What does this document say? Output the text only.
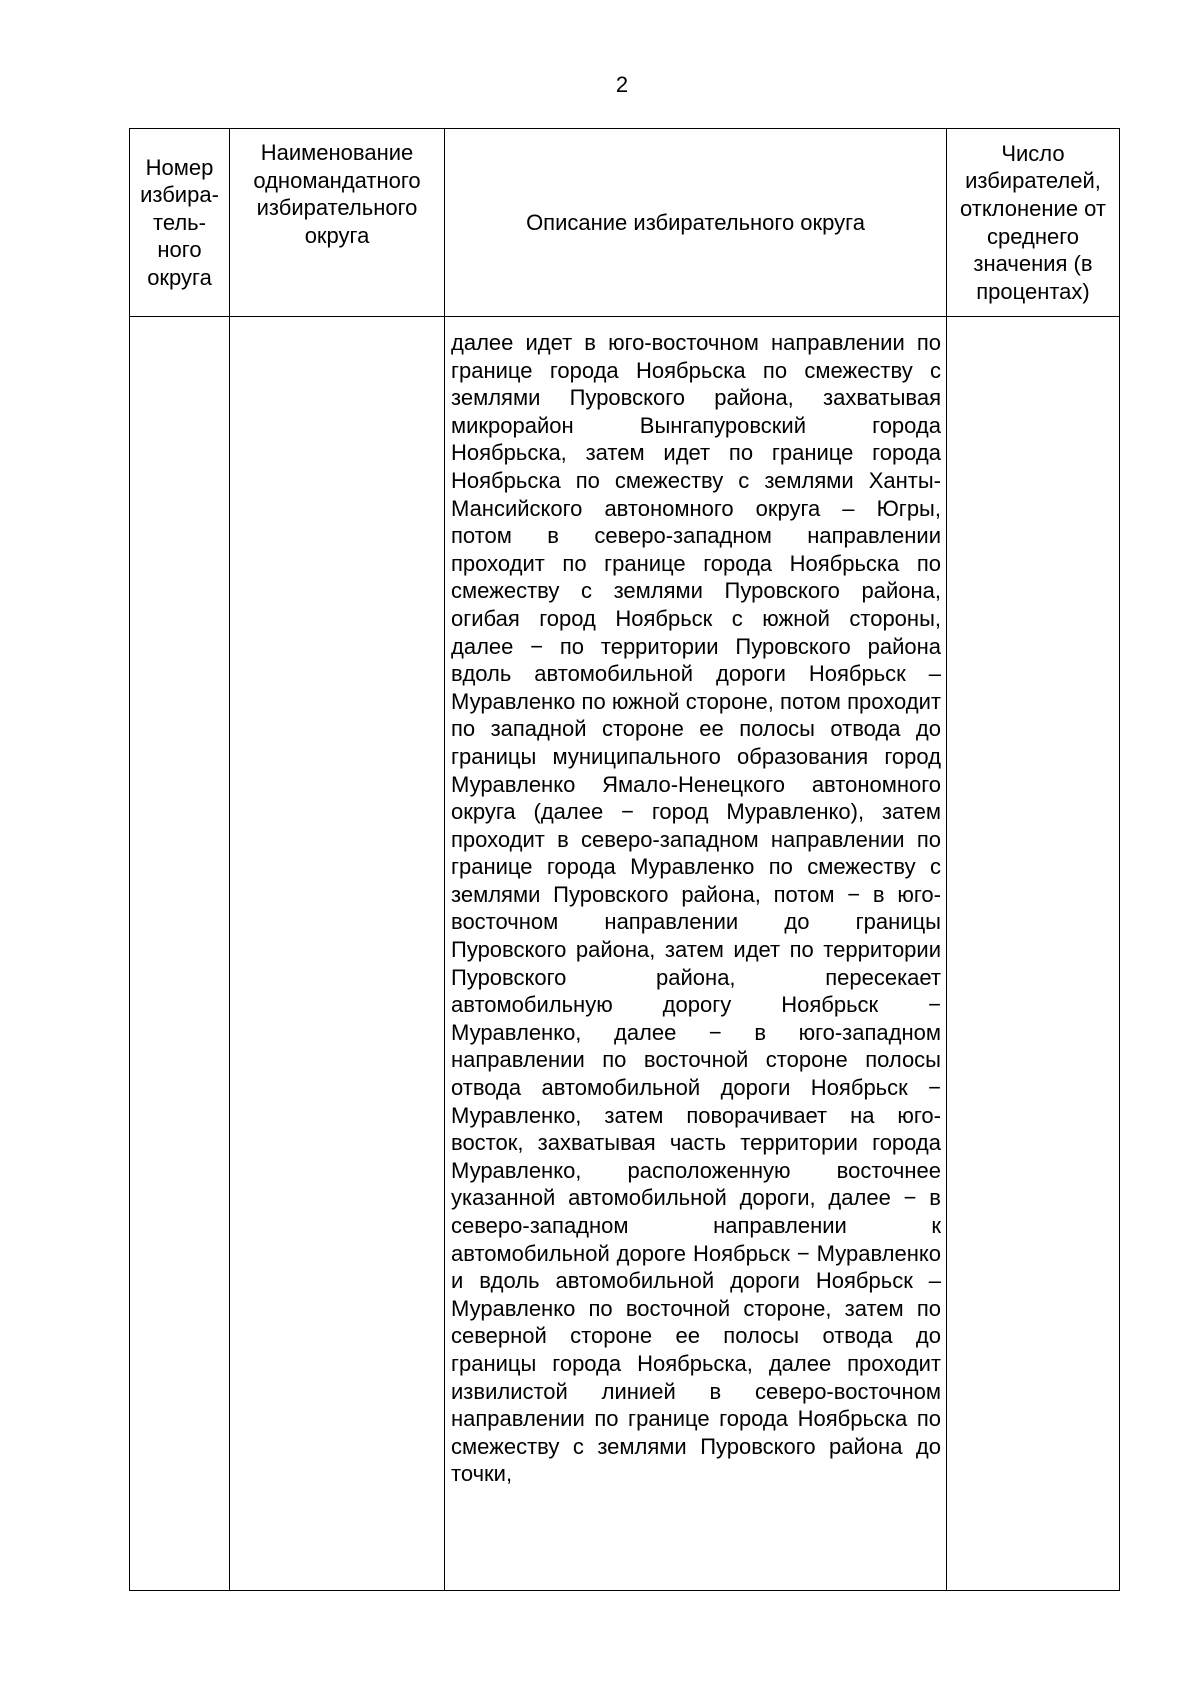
2
Номер избира-тель-ного округа	Наименование одномандатного избирательного округа	Описание избирательного округа	Число избирателей, отклонение от среднего значения (в процентах)

		далее идет в юго-восточном направлении по границе города Ноябрьска по смежеству с землями Пуровского района, захватывая микрорайон Вынгапуровский города Ноябрьска, затем идет по границе города Ноябрьска по смежеству с землями Ханты-Мансийского автономного округа – Югры, потом в северо-западном направлении проходит по границе города Ноябрьска по смежеству с землями Пуровского района, огибая город Ноябрьск с южной стороны, далее − по территории Пуровского района вдоль автомобильной дороги Ноябрьск – Муравленко по южной стороне, потом проходит по западной стороне ее полосы отвода до границы муниципального образования город Муравленко Ямало-Ненецкого автономного округа (далее − город Муравленко), затем проходит в северо-западном направлении по границе города Муравленко по смежеству с землями Пуровского района, потом − в юго-восточном направлении до границы Пуровского района, затем идет по территории Пуровского района, пересекает автомобильную дорогу Ноябрьск − Муравленко, далее − в юго-западном направлении по восточной стороне полосы отвода автомобильной дороги Ноябрьск − Муравленко, затем поворачивает на юго-восток, захватывая часть территории города Муравленко, расположенную восточнее указанной автомобильной дороги, далее − в северо-западном направлении к автомобильной дороге Ноябрьск − Муравленко и вдоль автомобильной дороги Ноябрьск – Муравленко по восточной стороне, затем по северной стороне ее полосы отвода до границы города Ноябрьска, далее проходит извилистой линией в северо-восточном направлении по границе города Ноябрьска по смежеству с землями Пуровского района до точки,	
